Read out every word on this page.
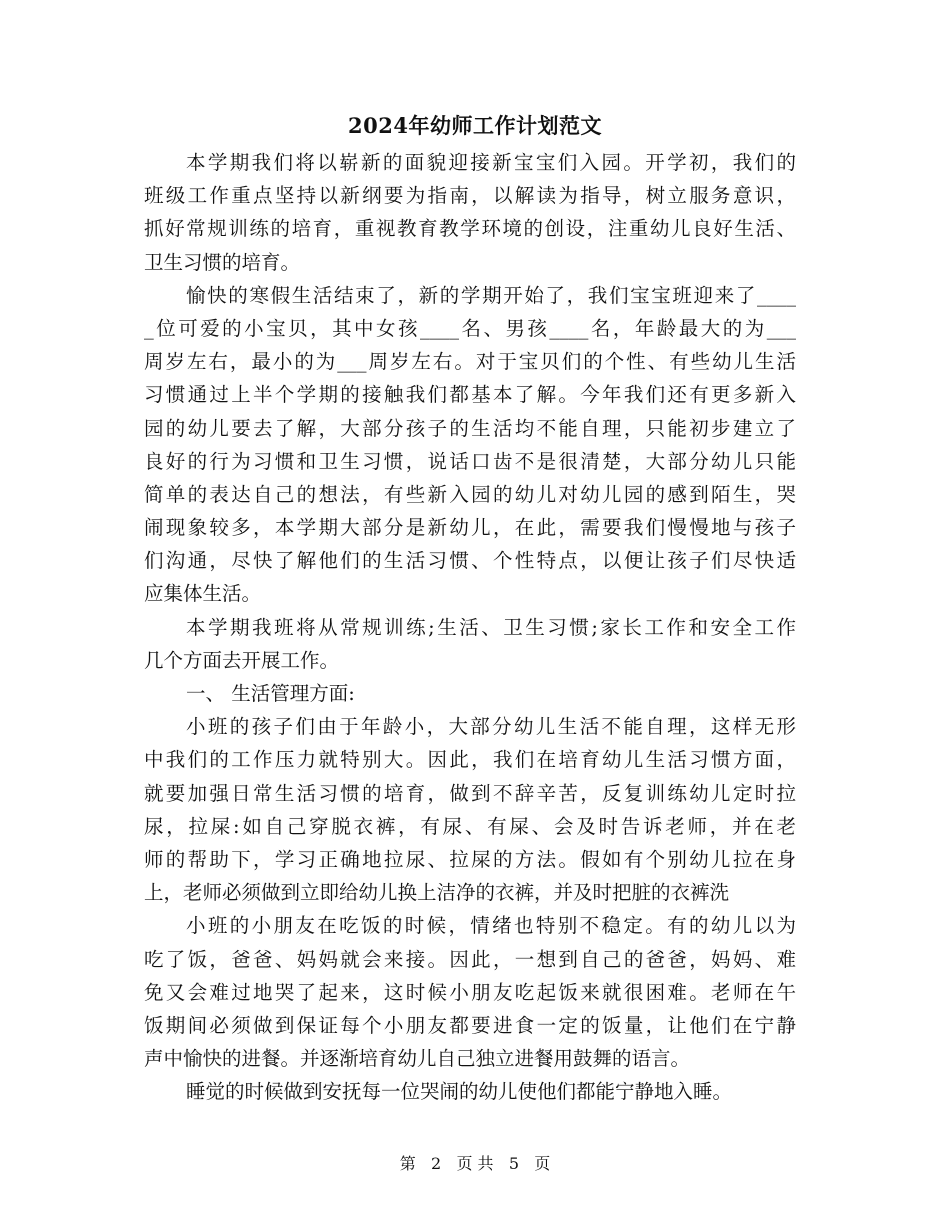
2024年幼师工作计划范文
本学期我们将以崭新的面貌迎接新宝宝们入园。开学初，我们的
班级工作重点坚持以新纲要为指南，以解读为指导，树立服务意识，
抓好常规训练的培育，重视教育教学环境的创设，注重幼儿良好生活、
卫生习惯的培育。
愉快的寒假生活结束了，新的学期开始了，我们宝宝班迎来了____
_位可爱的小宝贝，其中女孩____名、男孩____名，年龄最大的为___
周岁左右，最小的为___周岁左右。对于宝贝们的个性、有些幼儿生活
习惯通过上半个学期的接触我们都基本了解。今年我们还有更多新入
园的幼儿要去了解，大部分孩子的生活均不能自理，只能初步建立了
良好的行为习惯和卫生习惯，说话口齿不是很清楚，大部分幼儿只能
简单的表达自己的想法，有些新入园的幼儿对幼儿园的感到陌生，哭
闹现象较多，本学期大部分是新幼儿，在此，需要我们慢慢地与孩子
们沟通，尽快了解他们的生活习惯、个性特点，以便让孩子们尽快适
应集体生活。
本学期我班将从常规训练;生活、卫生习惯;家长工作和安全工作
几个方面去开展工作。
一、 生活管理方面:
小班的孩子们由于年龄小，大部分幼儿生活不能自理，这样无形
中我们的工作压力就特别大。因此，我们在培育幼儿生活习惯方面，
就要加强日常生活习惯的培育，做到不辞辛苦，反复训练幼儿定时拉
尿，拉屎:如自己穿脱衣裤，有尿、有屎、会及时告诉老师，并在老
师的帮助下，学习正确地拉尿、拉屎的方法。假如有个别幼儿拉在身
上，老师必须做到立即给幼儿换上洁净的衣裤，并及时把脏的衣裤洗
小班的小朋友在吃饭的时候，情绪也特别不稳定。有的幼儿以为
吃了饭，爸爸、妈妈就会来接。因此，一想到自己的爸爸，妈妈、难
免又会难过地哭了起来，这时候小朋友吃起饭来就很困难。老师在午
饭期间必须做到保证每个小朋友都要进食一定的饭量，让他们在宁静
声中愉快的进餐。并逐渐培育幼儿自己独立进餐用鼓舞的语言。
睡觉的时候做到安抚每一位哭闹的幼儿使他们都能宁静地入睡。
第 2 页 共 5 页
